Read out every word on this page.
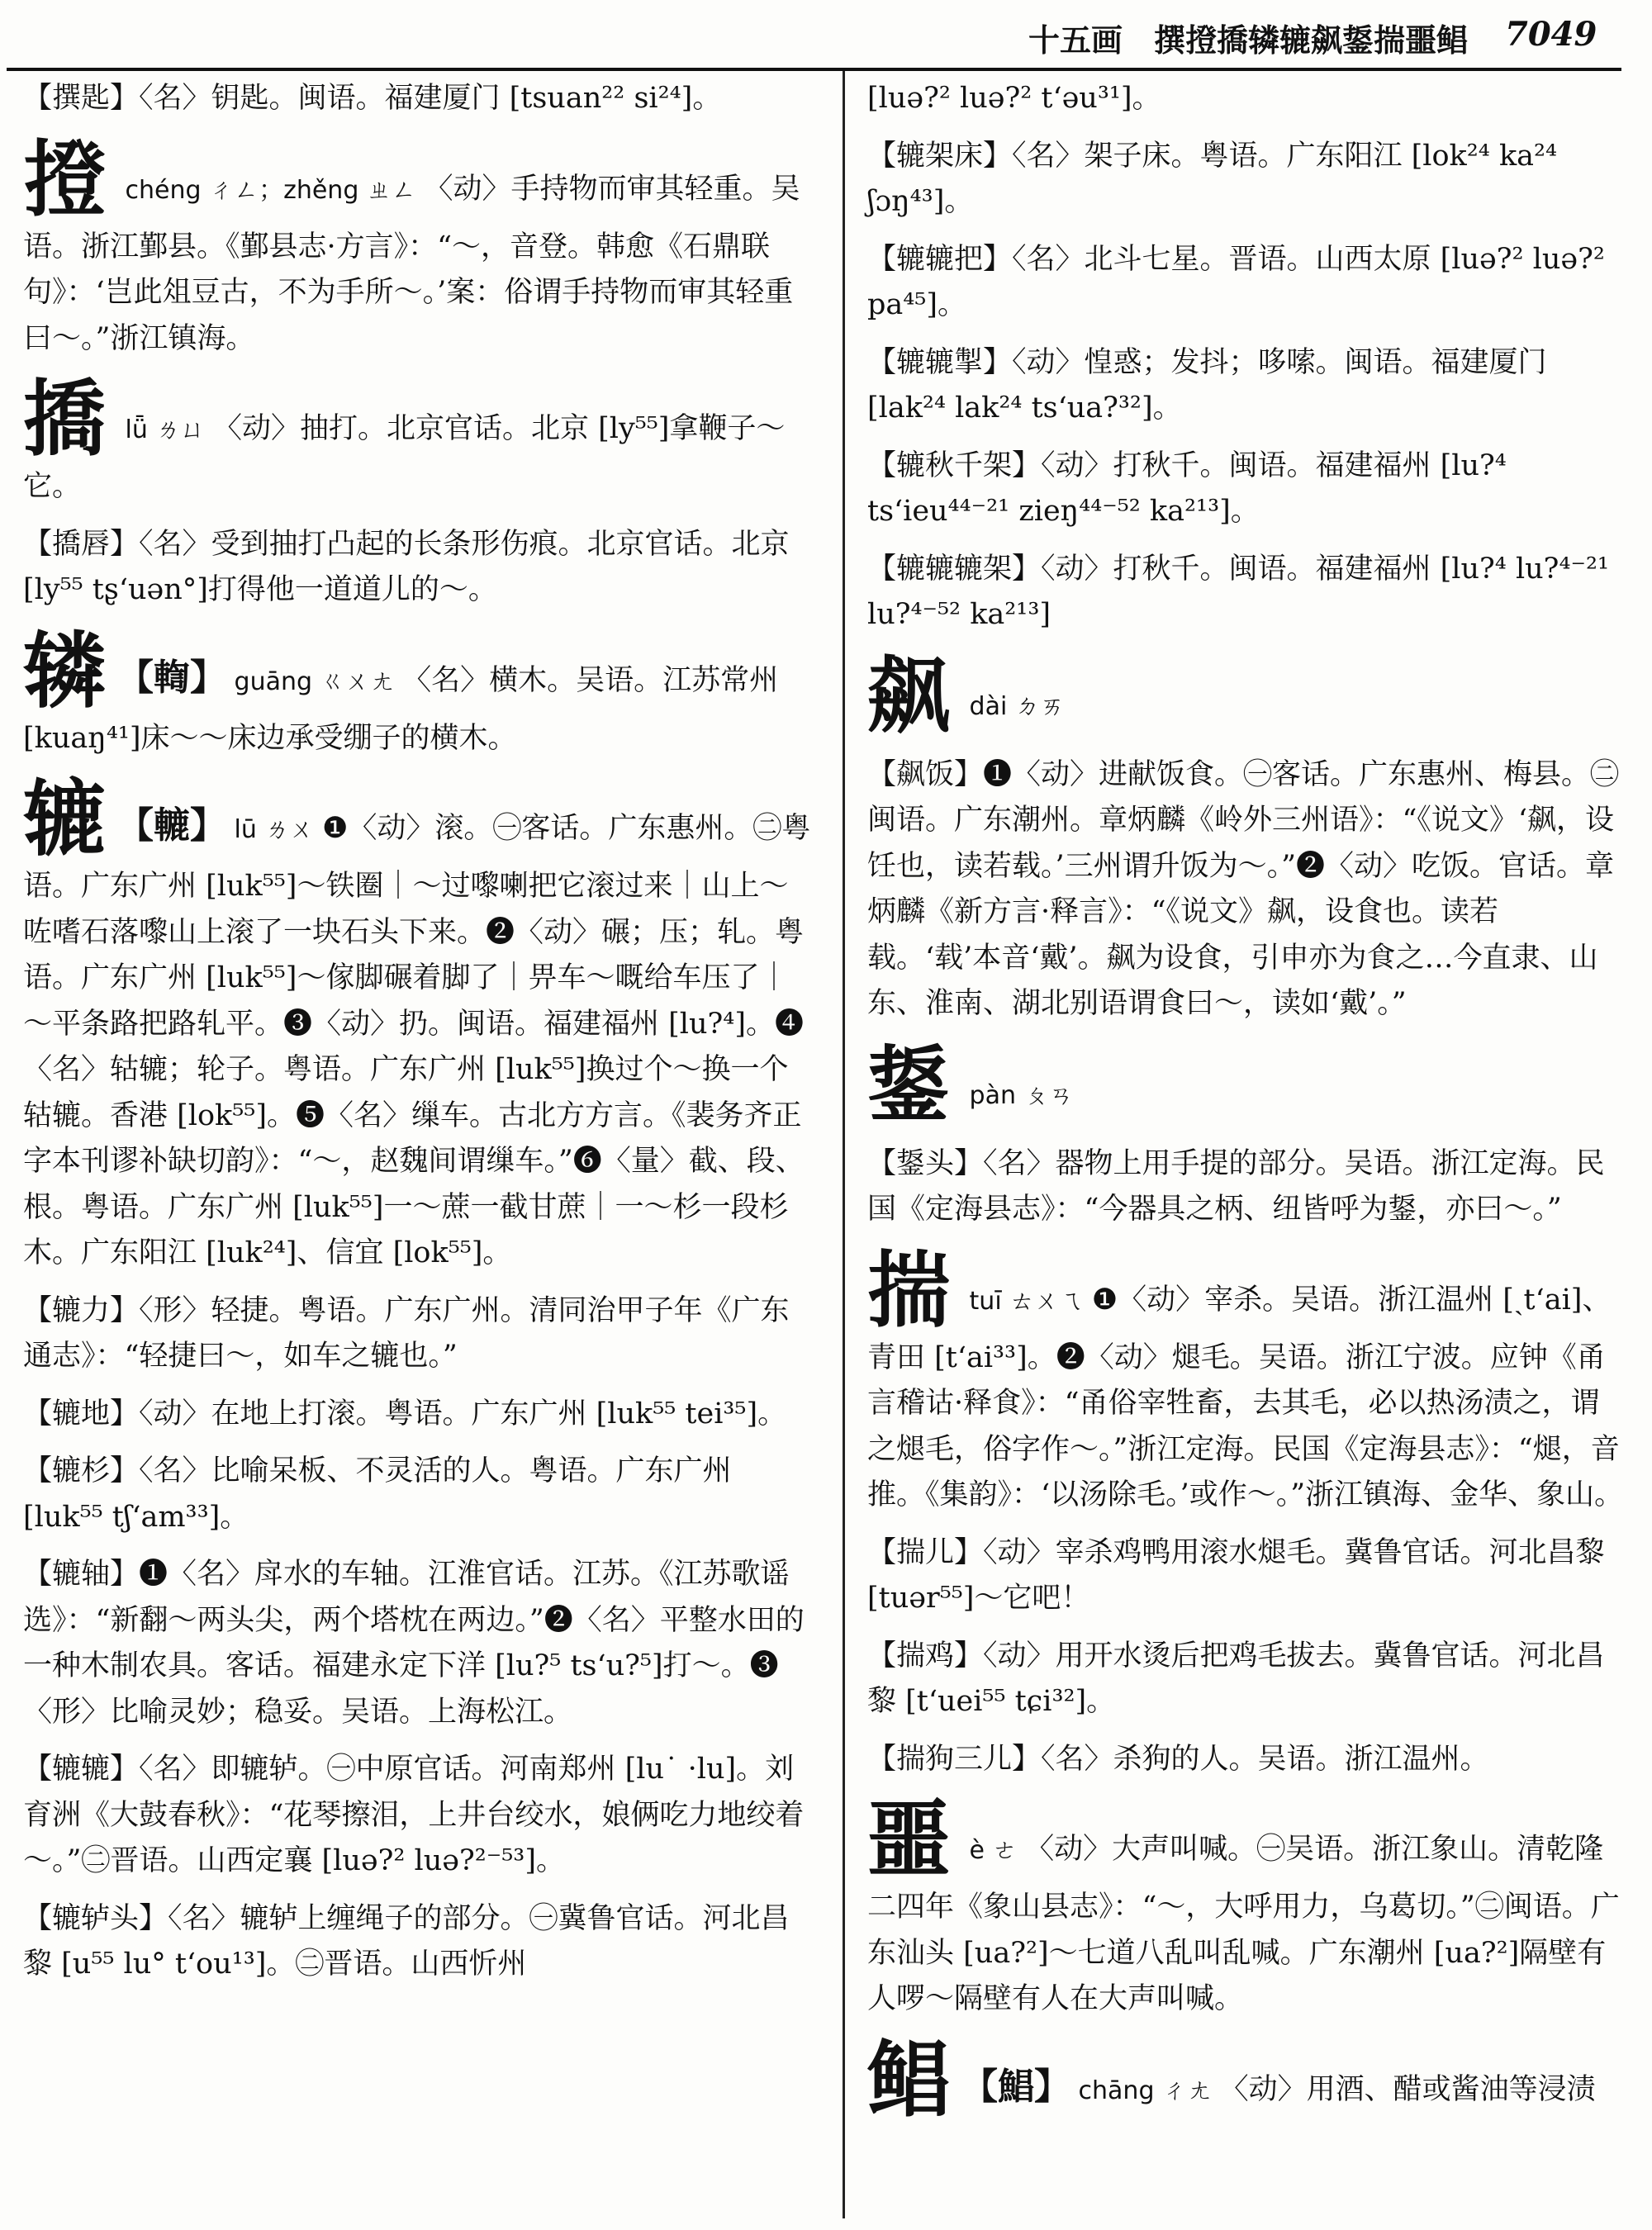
十五画　撰撜撟辚辘飙鋬揣噩鲳 7049
【撰匙】〈名〉钥匙。闽语。福建厦门 [tsuan²² si²⁴]。
撜 chéng ㄔㄥ；zhěng ㄓㄥ 〈动〉手持物而审其轻重。吴语。浙江鄞县。《鄞县志·方言》：“～，音登。韩愈《石鼎联句》：‘岂此俎豆古，不为手所～。’案：俗谓手持物而审其轻重曰～。”浙江镇海。
撟 lǖ ㄌㄩ 〈动〉抽打。北京官话。北京 [ly⁵⁵]拿鞭子～它。
【撟唇】〈名〉受到抽打凸起的长条形伤痕。北京官话。北京 [ly⁵⁵ tʂ‘uən°]打得他一道道儿的～。
辚 【輷】 guāng ㄍㄨㄤ 〈名〉横木。吴语。江苏常州 [kuaŋ⁴¹]床～～床边承受绷子的横木。
辘 【轆】 lū ㄌㄨ ❶〈动〉滚。㊀客话。广东惠州。㊁粤语。广东广州 [luk⁵⁵]～铁圈｜～过嚟喇把它滚过来｜山上～咗嗜石落嚟山上滚了一块石头下来。❷〈动〉碾；压；轧。粤语。广东广州 [luk⁵⁵]～傢脚碾着脚了｜畀车～嘅给车压了｜～平条路把路轧平。❸〈动〉扔。闽语。福建福州 [lu?⁴]。❹〈名〉轱辘；轮子。粤语。广东广州 [luk⁵⁵]换过个～换一个轱辘。香港 [lok⁵⁵]。❺〈名〉缫车。古北方方言。《裴务齐正字本刊谬补缺切韵》：“～，赵魏间谓缫车。”❻〈量〉截、段、根。粤语。广东广州 [luk⁵⁵]一～蔗一截甘蔗｜一～杉一段杉木。广东阳江 [luk²⁴]、信宜 [lok⁵⁵]。
【辘力】〈形〉轻捷。粤语。广东广州。清同治甲子年《广东通志》：“轻捷曰～，如车之辘也。”
【辘地】〈动〉在地上打滚。粤语。广东广州 [luk⁵⁵ tei³⁵]。
【辘杉】〈名〉比喻呆板、不灵活的人。粤语。广东广州 [luk⁵⁵ tʃ‘am³³]。
【辘轴】❶〈名〉戽水的车轴。江淮官话。江苏。《江苏歌谣选》：“新翻～两头尖，两个塔枕在两边。”❷〈名〉平整水田的一种木制农具。客话。福建永定下洋 [lu?⁵ ts‘u?⁵]打～。❸〈形〉比喻灵妙；稳妥。吴语。上海松江。
【辘辘】〈名〉即辘轳。㊀中原官话。河南郑州 [lu˙ ·lu]。刘育洲《大鼓春秋》：“花琴擦泪，上井台绞水，娘俩吃力地绞着～。”㊁晋语。山西定襄 [luə?² luə?²⁻⁵³]。
【辘轳头】〈名〉辘轳上缠绳子的部分。㊀冀鲁官话。河北昌黎 [u⁵⁵ lu° t‘ou¹³]。㊁晋语。山西忻州
[luə?² luə?² t‘əu³¹]。
【辘架床】〈名〉架子床。粤语。广东阳江 [lok²⁴ ka²⁴ ʃɔŋ⁴³]。
【辘辘把】〈名〉北斗七星。晋语。山西太原 [luə?² luə?² pa⁴⁵]。
【辘辘掣】〈动〉惶惑；发抖；哆嗦。闽语。福建厦门 [lak²⁴ lak²⁴ ts‘ua?³²]。
【辘秋千架】〈动〉打秋千。闽语。福建福州 [lu?⁴ ts‘ieu⁴⁴⁻²¹ zieŋ⁴⁴⁻⁵² ka²¹³]。
【辘辘辘架】〈动〉打秋千。闽语。福建福州 [lu?⁴ lu?⁴⁻²¹ lu?⁴⁻⁵² ka²¹³]
飙 dài ㄉㄞ
【飙饭】❶〈动〉进献饭食。㊀客话。广东惠州、梅县。㊁闽语。广东潮州。章炳麟《岭外三州语》：“《说文》‘飙，设饪也，读若载。’三州谓升饭为～。”❷〈动〉吃饭。官话。章炳麟《新方言·释言》：“《说文》飙，设食也。读若载。‘载’本音‘戴’。飙为设食，引申亦为食之…今直隶、山东、淮南、湖北别语谓食曰～，读如‘戴’。”
鋬 pàn ㄆㄢ
【鋬头】〈名〉器物上用手提的部分。吴语。浙江定海。民国《定海县志》：“今器具之柄、纽皆呼为鋬，亦曰～。”
揣 tuī ㄊㄨㄟ ❶〈动〉宰杀。吴语。浙江温州 [ˏt‘ai]、青田 [t‘ai³³]。❷〈动〉煺毛。吴语。浙江宁波。应钟《甬言稽诂·释食》：“甬俗宰牲畜，去其毛，必以热汤渍之，谓之煺毛，俗字作～。”浙江定海。民国《定海县志》：“煺，音推。《集韵》：‘以汤除毛。’或作～。”浙江镇海、金华、象山。
【揣儿】〈动〉宰杀鸡鸭用滚水煺毛。冀鲁官话。河北昌黎 [tuər⁵⁵]～它吧！
【揣鸡】〈动〉用开水烫后把鸡毛拔去。冀鲁官话。河北昌黎 [t‘uei⁵⁵ tɕi³²]。
【揣狗三儿】〈名〉杀狗的人。吴语。浙江温州。
噩 è ㄜ 〈动〉大声叫喊。㊀吴语。浙江象山。清乾隆二四年《象山县志》：“～，大呼用力，乌葛切。”㊁闽语。广东汕头 [ua?²]～七道八乱叫乱喊。广东潮州 [ua?²]隔壁有人啰～隔壁有人在大声叫喊。
鲳 【鯧】 chāng ㄔㄤ 〈动〉用酒、醋或酱油等浸渍
